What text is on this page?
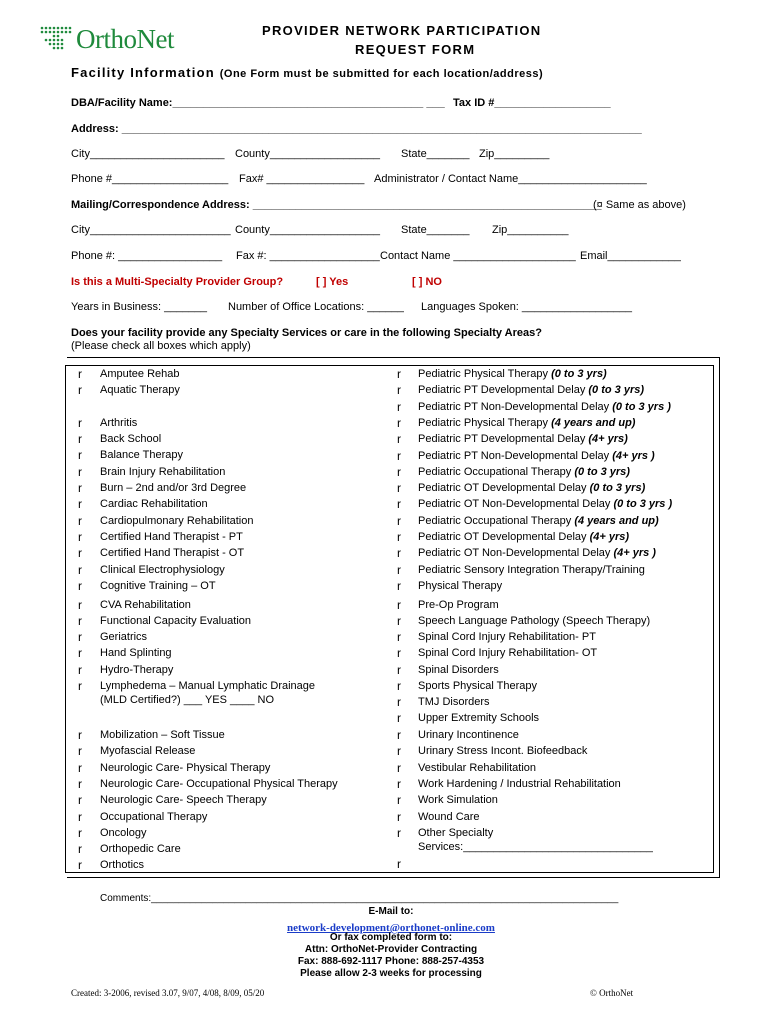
OrthoNet	PROVIDER NETWORK PARTICIPATION
REQUEST FORM
Facility Information (One Form must be submitted for each location/address)
DBA/Facility Name:_________________________________________ ___ Tax ID #___________________
Address: _____________________________________________________________________________________
City______________________ County__________________ State_______ Zip_________
Phone #___________________ Fax# ________________ Administrator / Contact Name_____________________
Mailing/Correspondence Address: _________________________________________________________
(¤ Same as above)
City_______________________ County__________________ State_______ Zip__________
Phone #: _________________ Fax #: __________________ Contact Name ____________________ Email____________
Is this a Multi-Specialty Provider Group?	[ ] Yes	[ ] NO
Years in Business: _______ Number of Office Locations: ______ Languages Spoken: __________________
Does your facility provide any Specialty Services or care in the following Specialty Areas?
(Please check all boxes which apply)
r Amputee Rehab
r Aquatic Therapy
r Arthritis
r Back School
r Balance Therapy
r Brain Injury Rehabilitation
r Burn – 2nd and/or 3rd Degree
r Cardiac Rehabilitation
r Cardiopulmonary Rehabilitation
r Certified Hand Therapist - PT
r Certified Hand Therapist - OT
r Clinical Electrophysiology
r Cognitive Training – OT
r CVA Rehabilitation
r Functional Capacity Evaluation
r Geriatrics
r Hand Splinting
r Hydro-Therapy
r Lymphedema – Manual Lymphatic Drainage
r Mobilization – Soft Tissue
r Myofascial Release
r Neurologic Care- Physical Therapy
r Neurologic Care- Occupational Physical Therapy
r Neurologic Care- Speech Therapy
r Occupational Therapy
r Oncology
r Orthopedic Care
r Orthotics
r Pediatric Physical Therapy (0 to 3 yrs)
r Pediatric PT Developmental Delay (0 to 3 yrs)
r Pediatric PT Non-Developmental Delay (0 to 3 yrs )
r Pediatric Physical Therapy (4 years and up)
r Pediatric PT Developmental Delay (4+ yrs)
r Pediatric PT Non-Developmental Delay (4+ yrs )
r Pediatric Occupational Therapy (0 to 3 yrs)
r Pediatric OT Developmental Delay (0 to 3 yrs)
r Pediatric OT Non-Developmental Delay (0 to 3 yrs )
r Pediatric Occupational Therapy (4 years and up)
r Pediatric OT Developmental Delay (4+ yrs)
r Pediatric OT Non-Developmental Delay (4+ yrs )
r Pediatric Sensory Integration Therapy/Training
r Physical Therapy
r Pre-Op Program
r Speech Language Pathology (Speech Therapy)
r Spinal Cord Injury Rehabilitation- PT
r Spinal Cord Injury Rehabilitation- OT
r Spinal Disorders
r Sports Physical Therapy
r TMJ Disorders
r Upper Extremity Schools
r Urinary Incontinence
r Urinary Stress Incont. Biofeedback
r Vestibular Rehabilitation
r Work Hardening / Industrial Rehabilitation
r Work Simulation
r Wound Care
r Other Specialty
(MLD Certified?) ___ YES ____ NO
Services:_______________________________
r
Comments:____________________________________________________________________________________
E-Mail to:
network-development@orthonet-online.com
Or fax completed form to:
Attn: OrthoNet-Provider Contracting
Fax: 888-692-1117 Phone: 888-257-4353
Please allow 2-3 weeks for processing
Created: 3-2006, revised 3.07, 9/07, 4/08, 8/09, 05/20	© OrthoNet
